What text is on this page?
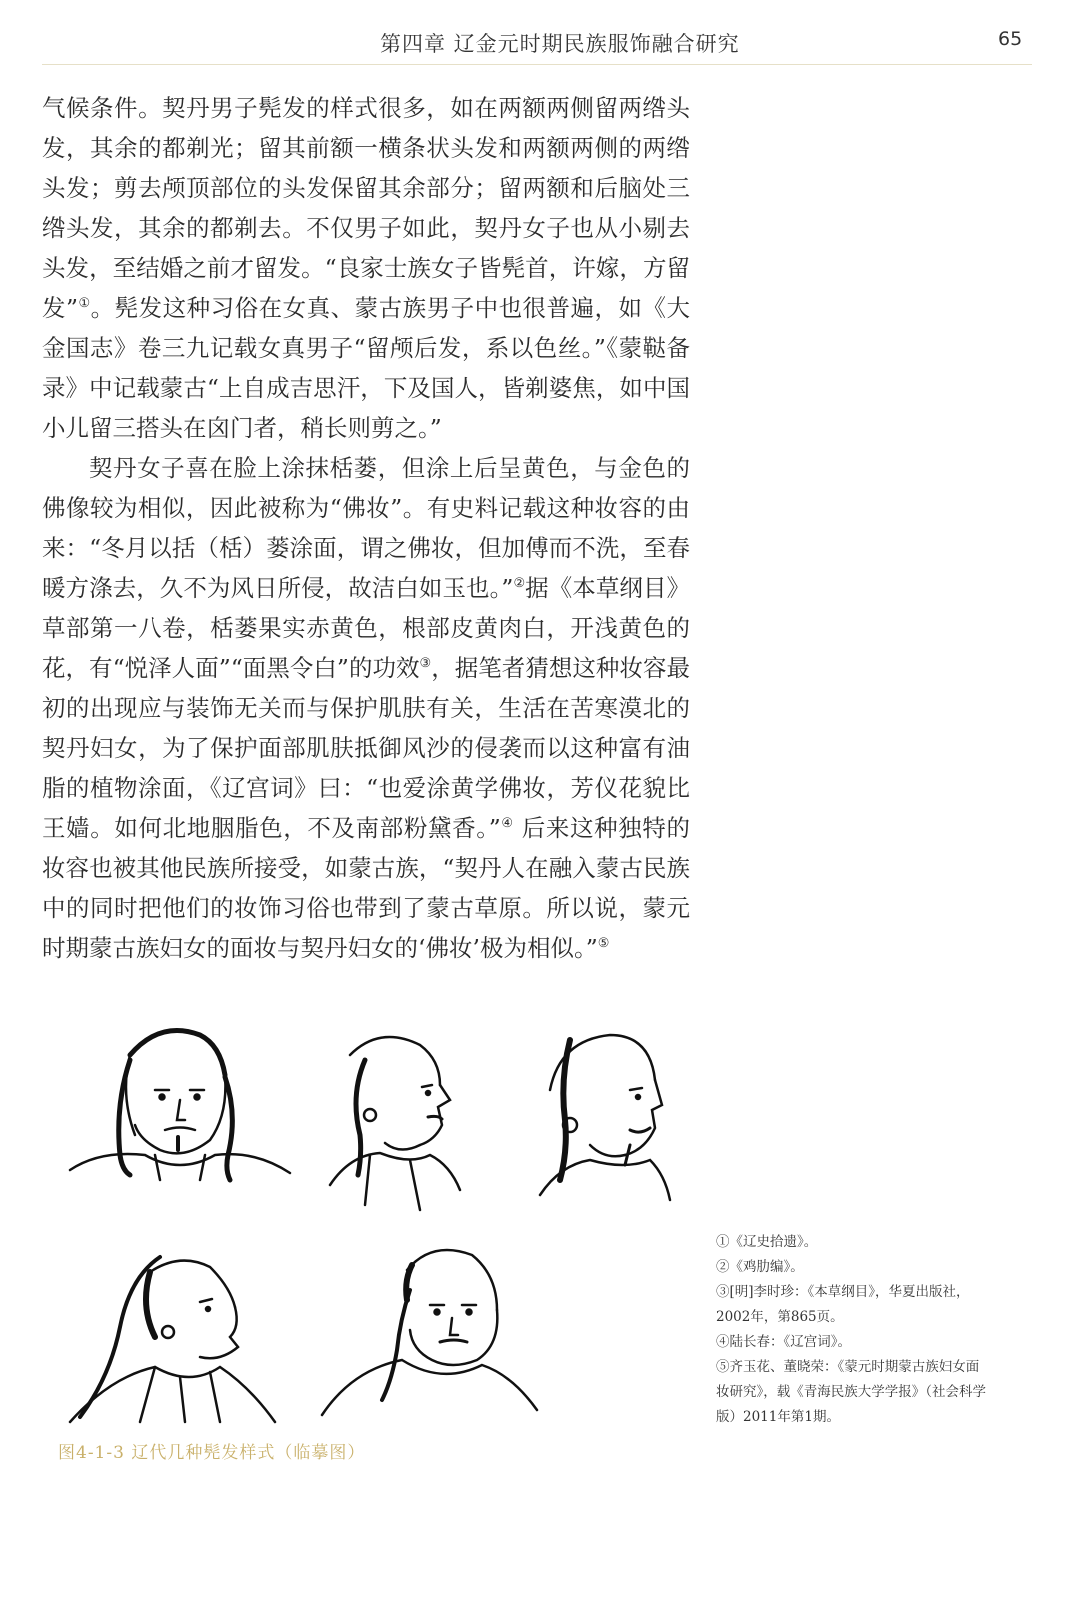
第四章 辽金元时期民族服饰融合研究	65

气候条件。契丹男子髡发的样式很多，如在两额两侧留两绺头发，其余的都剃光；留其前额一横条状头发和两额两侧的两绺头发；剪去颅顶部位的头发保留其余部分；留两额和后脑处三绺头发，其余的都剃去。不仅男子如此，契丹女子也从小剔去头发，至结婚之前才留发。“良家士族女子皆髡首，许嫁，方留发”①。髡发这种习俗在女真、蒙古族男子中也很普遍，如《大金国志》卷三九记载女真男子“留颅后发，系以色丝。”《蒙鞑备录》中记载蒙古“上自成吉思汗，下及国人，皆剃婆焦，如中国小儿留三搭头在囟门者，稍长则剪之。”

契丹女子喜在脸上涂抹栝蒌，但涂上后呈黄色，与金色的佛像较为相似，因此被称为“佛妆”。有史料记载这种妆容的由来：“冬月以括（栝）蒌涂面，谓之佛妆，但加傅而不洗，至春暖方涤去，久不为风日所侵，故洁白如玉也。”②据《本草纲目》草部第一八卷，栝蒌果实赤黄色，根部皮黄肉白，开浅黄色的花，有“悦泽人面”“面黑令白”的功效③，据笔者猜想这种妆容最初的出现应与装饰无关而与保护肌肤有关，生活在苦寒漠北的契丹妇女，为了保护面部肌肤抵御风沙的侵袭而以这种富有油脂的植物涂面，《辽宫词》曰：“也爱涂黄学佛妆，芳仪花貌比王嫱。如何北地胭脂色，不及南部粉黛香。”④ 后来这种独特的妆容也被其他民族所接受，如蒙古族，“契丹人在融入蒙古民族中的同时把他们的妆饰习俗也带到了蒙古草原。所以说，蒙元时期蒙古族妇女的面妆与契丹妇女的‘佛妆’极为相似。”⑤

图4-1-3 辽代几种髡发样式（临摹图）

①《辽史拾遗》。

②《鸡肋编》。

③[明]李时珍：《本草纲目》，华夏出版社，2002年，第865页。

④陆长春：《辽宫词》。

⑤齐玉花、董晓荣：《蒙元时期蒙古族妇女面妆研究》，载《青海民族大学学报》（社会科学版）2011年第1期。
